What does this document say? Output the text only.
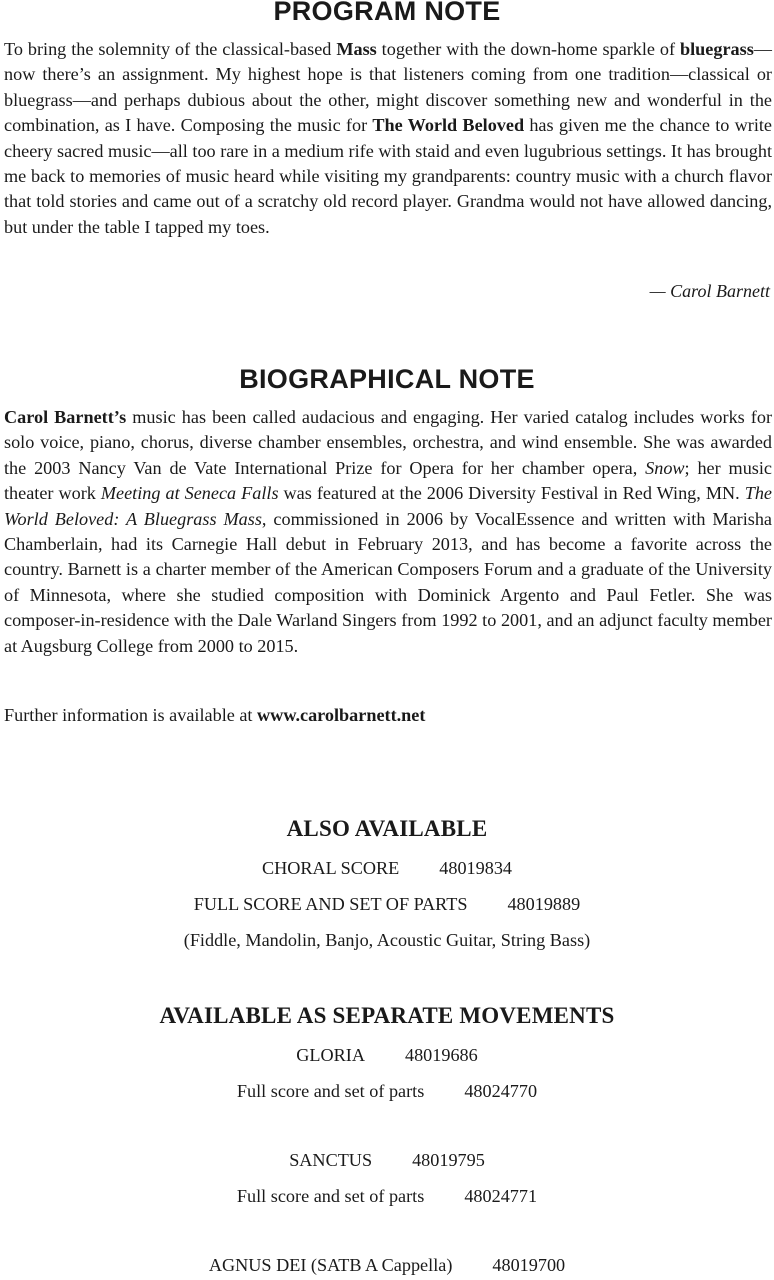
PROGRAM NOTE

To bring the solemnity of the classical-based Mass together with the down-home sparkle of bluegrass—now there’s an assignment. My highest hope is that listeners coming from one tradition—classical or bluegrass—and perhaps dubious about the other, might discover something new and wonderful in the combination, as I have. Composing the music for The World Beloved has given me the chance to write cheery sacred music—all too rare in a medium rife with staid and even lugubrious settings. It has brought me back to memories of music heard while visiting my grandparents: country music with a church flavor that told stories and came out of a scratchy old record player. Grandma would not have allowed dancing, but under the table I tapped my toes.

— Carol Barnett

BIOGRAPHICAL NOTE

Carol Barnett’s music has been called audacious and engaging. Her varied catalog includes works for solo voice, piano, chorus, diverse chamber ensembles, orchestra, and wind ensemble. She was awarded the 2003 Nancy Van de Vate International Prize for Opera for her chamber opera, Snow; her music theater work Meeting at Seneca Falls was featured at the 2006 Diversity Festival in Red Wing, MN. The World Beloved: A Bluegrass Mass, commissioned in 2006 by VocalEssence and written with Marisha Chamberlain, had its Carnegie Hall debut in February 2013, and has become a favorite across the country. Barnett is a charter member of the American Composers Forum and a graduate of the University of Minnesota, where she studied composition with Dominick Argento and Paul Fetler. She was composer-in-residence with the Dale Warland Singers from 1992 to 2001, and an adjunct faculty member at Augsburg College from 2000 to 2015.

Further information is available at www.carolbarnett.net

ALSO AVAILABLE

CHORAL SCORE 48019834

FULL SCORE AND SET OF PARTS 48019889

(Fiddle, Mandolin, Banjo, Acoustic Guitar, String Bass)

AVAILABLE AS SEPARATE MOVEMENTS

GLORIA 48019686

Full score and set of parts 48024770

SANCTUS 48019795

Full score and set of parts 48024771

AGNUS DEI (SATB A Cappella) 48019700
